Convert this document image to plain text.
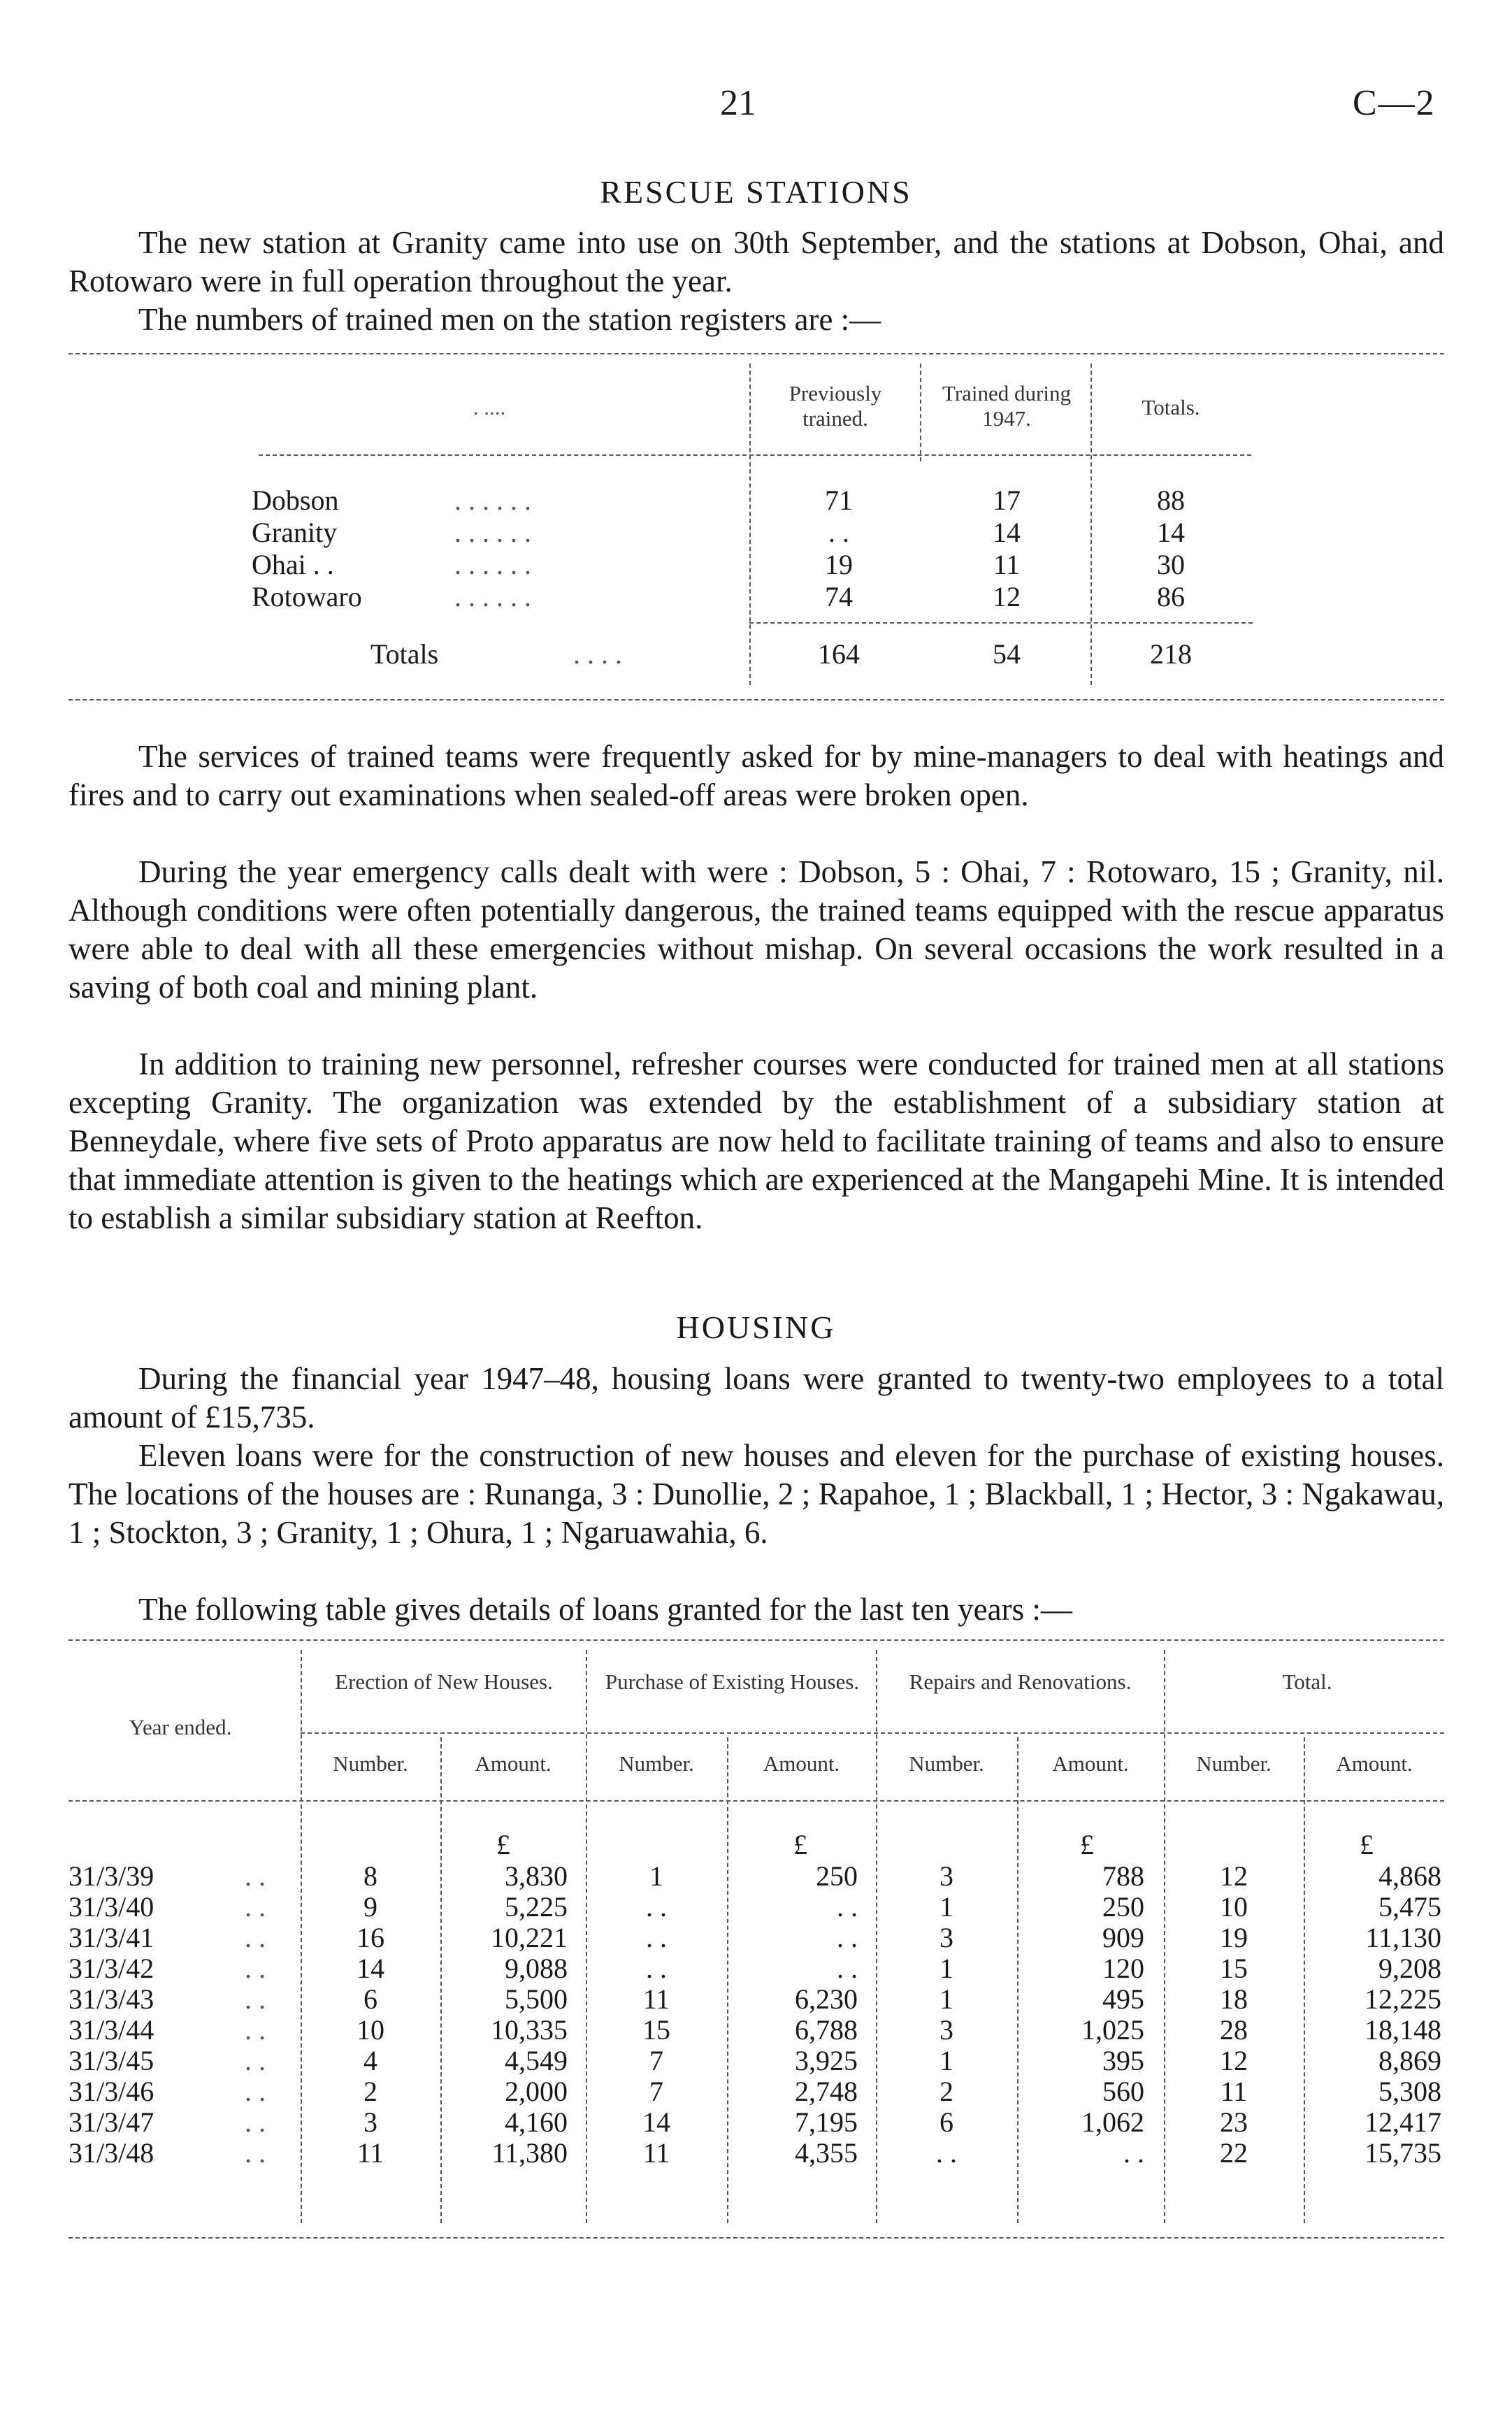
21	C—2
RESCUE STATIONS

The new station at Granity came into use on 30th September, and the stations at Dobson, Ohai, and Rotowaro were in full operation throughout the year.

The numbers of trained men on the station registers are :—

. ....
Previously trained.
Trained during 1947.	Totals.
Dobson	. . . . . .	71	17	88
Granity	. . . . . .	. .	14	14
Ohai . .	. . . . . .	19	11	30
Rotowaro	. . . . . .	74	12	86
Totals	. . . .	164	54	218

The services of trained teams were frequently asked for by mine-managers to deal with heatings and fires and to carry out examinations when sealed-off areas were broken open.

During the year emergency calls dealt with were : Dobson, 5 : Ohai, 7 : Rotowaro, 15 ; Granity, nil. Although conditions were often potentially dangerous, the trained teams equipped with the rescue apparatus were able to deal with all these emergencies without mishap. On several occasions the work resulted in a saving of both coal and mining plant.

In addition to training new personnel, refresher courses were conducted for trained men at all stations excepting Granity. The organization was extended by the establishment of a subsidiary station at Benneydale, where five sets of Proto apparatus are now held to facilitate training of teams and also to ensure that immediate attention is given to the heatings which are experienced at the Mangapehi Mine. It is intended to establish a similar subsidiary station at Reefton.

HOUSING

During the financial year 1947–48, housing loans were granted to twenty-two employees to a total amount of £15,735.

Eleven loans were for the construction of new houses and eleven for the purchase of existing houses. The locations of the houses are : Runanga, 3 : Dunollie, 2 ; Rapahoe, 1 ; Blackball, 1 ; Hector, 3 : Ngakawau, 1 ; Stockton, 3 ; Granity, 1 ; Ohura, 1 ; Ngaruawahia, 6.

The following table gives details of loans granted for the last ten years :—

Year ended.
Erection of New Houses.	Purchase of Existing Houses.	Repairs and Renovations.	Total.
Number.	Amount.	Number.	Amount.	Number.	Amount.	Number.	Amount.
£	£	£	£
31/3/39	. .	8	3,830	1	250	3	788	12	4,868
31/3/40	. .	9	5,225	. .	. .	1	250	10	5,475
31/3/41	. .	16	10,221	. .	. .	3	909	19	11,130
31/3/42	. .	14	9,088	. .	. .	1	120	15	9,208
31/3/43	. .	6	5,500	11	6,230	1	495	18	12,225
31/3/44	. .	10	10,335	15	6,788	3	1,025	28	18,148
31/3/45	. .	4	4,549	7	3,925	1	395	12	8,869
31/3/46	. .	2	2,000	7	2,748	2	560	11	5,308
31/3/47	. .	3	4,160	14	7,195	6	1,062	23	12,417
31/3/48	. .	11	11,380	11	4,355	. .	. .	22	15,735
